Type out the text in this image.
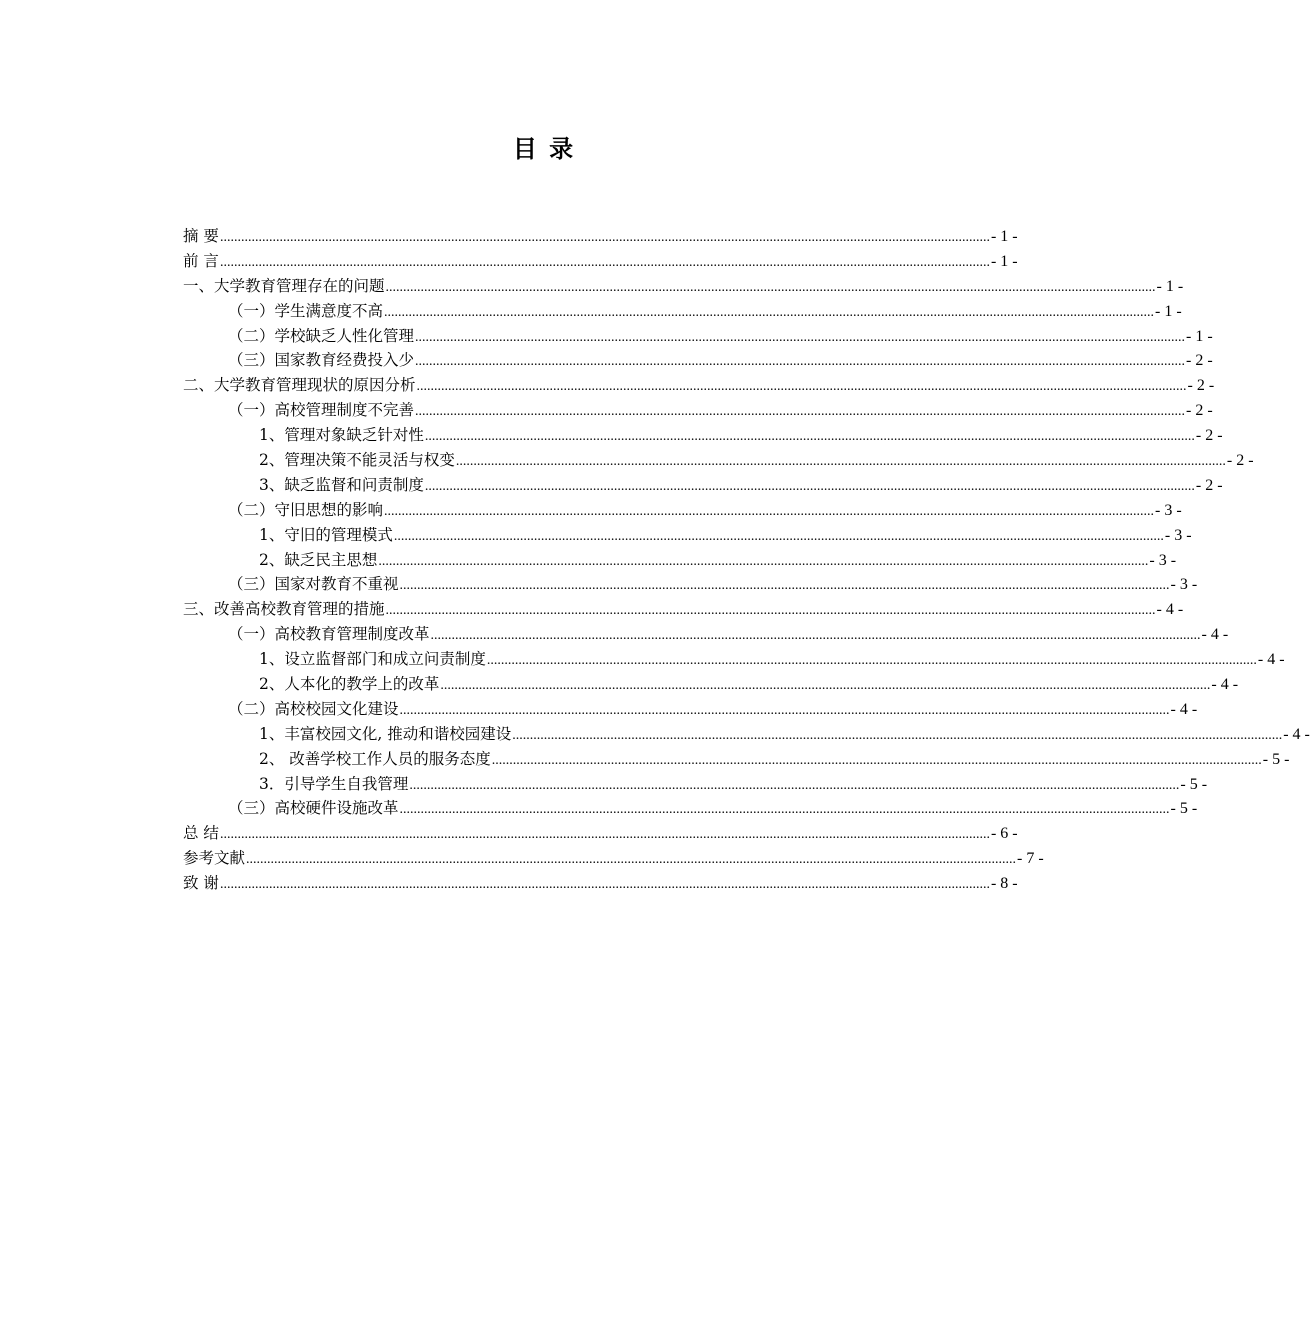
目 录
摘 要 ............................................................................................................................................................................................................................ - 1 -
前 言 ............................................................................................................................................................................................................................ - 1 -
一、大学教育管理存在的问题 ............................................................................................................................................................................................................................ - 1 -
（一）学生满意度不高 ............................................................................................................................................................................................................................ - 1 -
（二）学校缺乏人性化管理 ............................................................................................................................................................................................................................ - 1 -
（三）国家教育经费投入少 ............................................................................................................................................................................................................................ - 2 -
二、大学教育管理现状的原因分析 ............................................................................................................................................................................................................................ - 2 -
（一）高校管理制度不完善 ............................................................................................................................................................................................................................ - 2 -
1、管理对象缺乏针对性 ............................................................................................................................................................................................................................ - 2 -
2、管理决策不能灵活与权变 ............................................................................................................................................................................................................................ - 2 -
3、缺乏监督和问责制度 ............................................................................................................................................................................................................................ - 2 -
（二）守旧思想的影响 ............................................................................................................................................................................................................................ - 3 -
1、守旧的管理模式 ............................................................................................................................................................................................................................ - 3 -
2、缺乏民主思想 ............................................................................................................................................................................................................................ - 3 -
（三）国家对教育不重视 ............................................................................................................................................................................................................................ - 3 -
三、改善高校教育管理的措施 ............................................................................................................................................................................................................................ - 4 -
（一）高校教育管理制度改革 ............................................................................................................................................................................................................................ - 4 -
1、设立监督部门和成立问责制度 ............................................................................................................................................................................................................................ - 4 -
2、人本化的教学上的改革 ............................................................................................................................................................................................................................ - 4 -
（二）高校校园文化建设 ............................................................................................................................................................................................................................ - 4 -
1、丰富校园文化, 推动和谐校园建设 ............................................................................................................................................................................................................................ - 4 -
2、 改善学校工作人员的服务态度 ............................................................................................................................................................................................................................ - 5 -
3．引导学生自我管理 ............................................................................................................................................................................................................................ - 5 -
（三）高校硬件设施改革 ............................................................................................................................................................................................................................ - 5 -
总 结 ............................................................................................................................................................................................................................ - 6 -
参考文献 ............................................................................................................................................................................................................................ - 7 -
致 谢 ............................................................................................................................................................................................................................ - 8 -
